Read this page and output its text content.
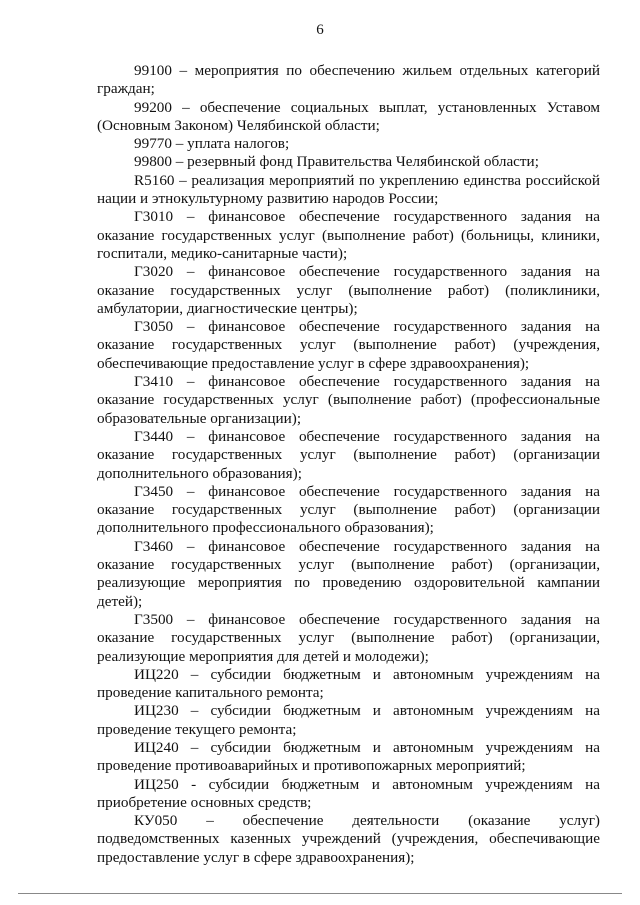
6

99100 – мероприятия по обеспечению жильем отдельных категорий граждан;

99200 – обеспечение социальных выплат, установленных Уставом (Основным Законом) Челябинской области;

99770 – уплата налогов;

99800 – резервный фонд Правительства Челябинской области;

R5160 – реализация мероприятий по укреплению единства российской нации и этнокультурному развитию народов России;

Г3010 – финансовое обеспечение государственного задания на оказание государственных услуг (выполнение работ) (больницы, клиники, госпитали, медико-санитарные части);

Г3020 – финансовое обеспечение государственного задания на оказание государственных услуг (выполнение работ) (поликлиники, амбулатории, диагностические центры);

Г3050 – финансовое обеспечение государственного задания на оказание государственных услуг (выполнение работ) (учреждения, обеспечивающие предоставление услуг в сфере здравоохранения);

Г3410 – финансовое обеспечение государственного задания на оказание государственных услуг (выполнение работ) (профессиональные образовательные организации);

Г3440 – финансовое обеспечение государственного задания на оказание государственных услуг (выполнение работ) (организации дополнительного образования);

Г3450 – финансовое обеспечение государственного задания на оказание государственных услуг (выполнение работ) (организации дополнительного профессионального образования);

Г3460 – финансовое обеспечение государственного задания на оказание государственных услуг (выполнение работ) (организации, реализующие мероприятия по проведению оздоровительной кампании детей);

Г3500 – финансовое обеспечение государственного задания на оказание государственных услуг (выполнение работ) (организации, реализующие мероприятия для детей и молодежи);

ИЦ220 – субсидии бюджетным и автономным учреждениям на проведение капитального ремонта;

ИЦ230 – субсидии бюджетным и автономным учреждениям на проведение текущего ремонта;

ИЦ240 – субсидии бюджетным и автономным учреждениям на проведение противоаварийных и противопожарных мероприятий;

ИЦ250 - субсидии бюджетным и автономным учреждениям на приобретение основных средств;

КУ050 – обеспечение деятельности (оказание услуг) подведомственных казенных учреждений (учреждения, обеспечивающие предоставление услуг в сфере здравоохранения);
